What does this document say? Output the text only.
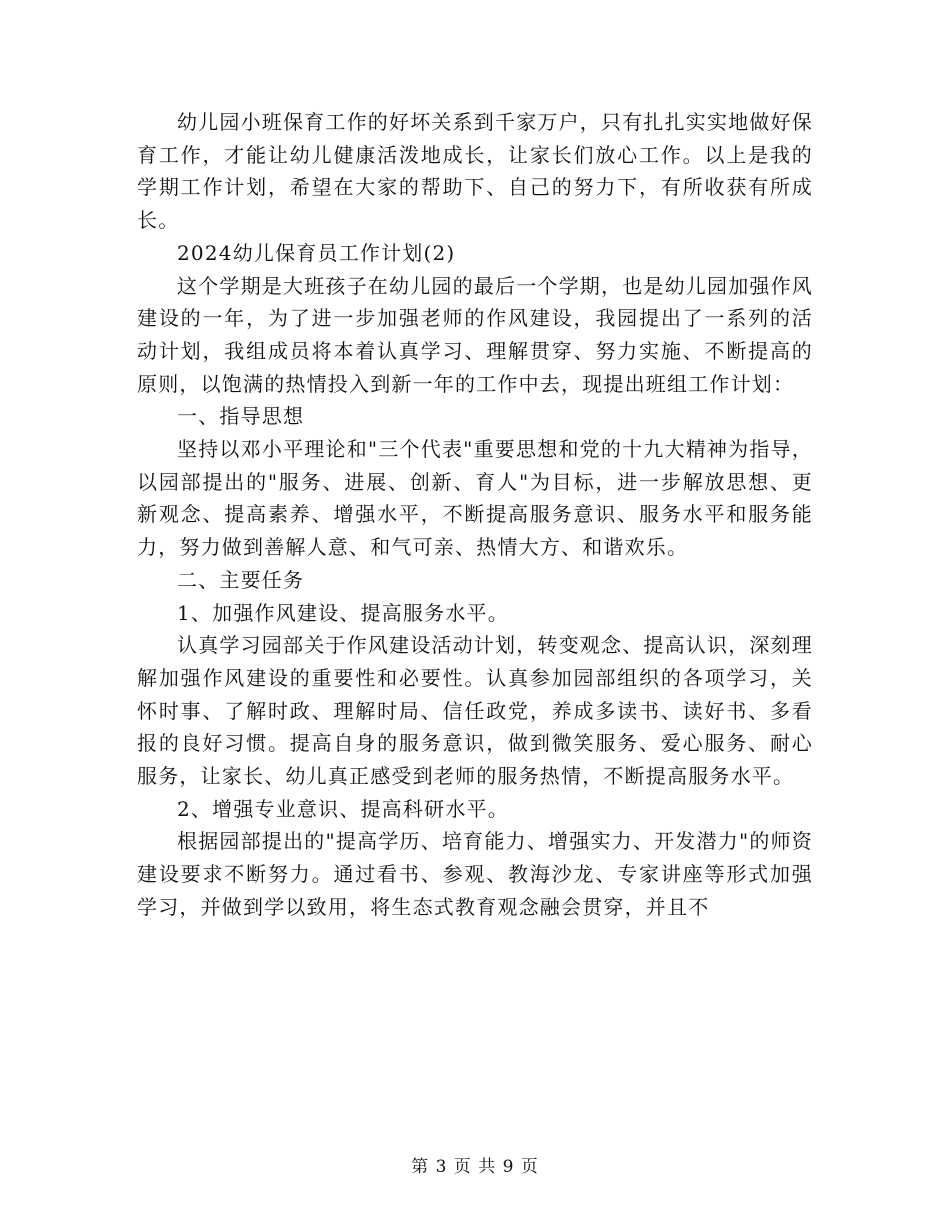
幼儿园小班保育工作的好坏关系到千家万户，只有扎扎实实地做好保育工作，才能让幼儿健康活泼地成长，让家长们放心工作。以上是我的学期工作计划，希望在大家的帮助下、自己的努力下，有所收获有所成长。

2024幼儿保育员工作计划(2)

这个学期是大班孩子在幼儿园的最后一个学期，也是幼儿园加强作风建设的一年，为了进一步加强老师的作风建设，我园提出了一系列的活动计划，我组成员将本着认真学习、理解贯穿、努力实施、不断提高的原则，以饱满的热情投入到新一年的工作中去，现提出班组工作计划：

一、指导思想

坚持以邓小平理论和"三个代表"重要思想和党的十九大精神为指导，以园部提出的"服务、进展、创新、育人"为目标，进一步解放思想、更新观念、提高素养、增强水平，不断提高服务意识、服务水平和服务能力，努力做到善解人意、和气可亲、热情大方、和谐欢乐。

二、主要任务

1、加强作风建设、提高服务水平。

认真学习园部关于作风建设活动计划，转变观念、提高认识，深刻理解加强作风建设的重要性和必要性。认真参加园部组织的各项学习，关怀时事、了解时政、理解时局、信任政党，养成多读书、读好书、多看报的良好习惯。提高自身的服务意识，做到微笑服务、爱心服务、耐心服务，让家长、幼儿真正感受到老师的服务热情，不断提高服务水平。

2、增强专业意识、提高科研水平。

根据园部提出的"提高学历、培育能力、增强实力、开发潜力"的师资建设要求不断努力。通过看书、参观、教海沙龙、专家讲座等形式加强学习，并做到学以致用，将生态式教育观念融会贯穿，并且不

第 3 页 共 9 页
